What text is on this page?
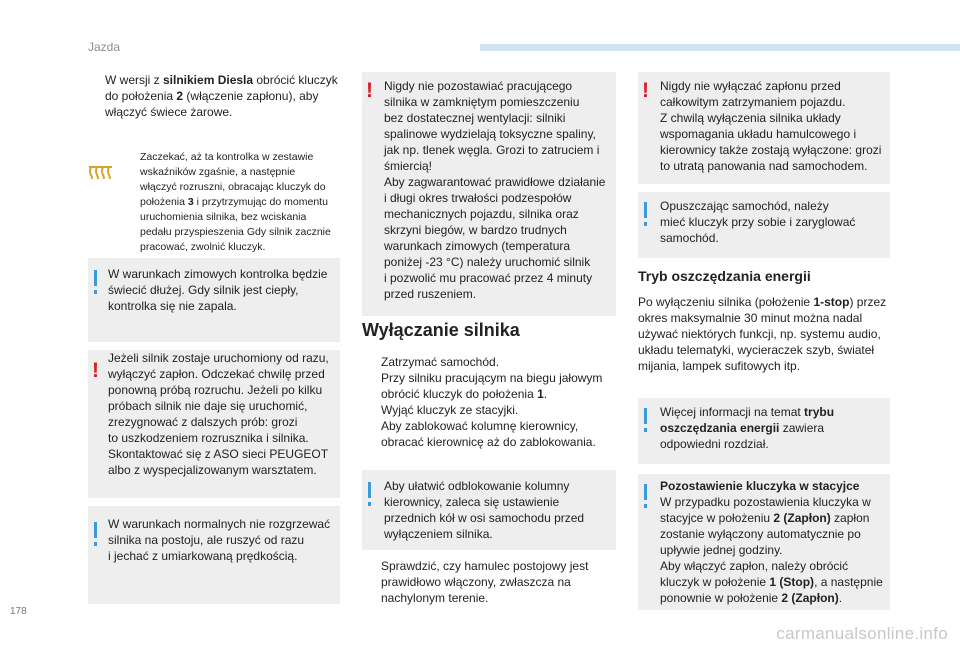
Jazda

W wersji z silnikiem Diesla obrócić kluczyk
do położenia 2 (włączenie zapłonu), aby
włączyć świece żarowe.

Zaczekać, aż ta kontrolka w zestawie
wskaźników zgaśnie, a następnie
włączyć rozruszni, obracając kluczyk do
położenia 3 i przytrzymując do momentu
uruchomienia silnika, bez wciskania
pedału przyspieszenia Gdy silnik zacznie
pracować, zwolnić kluczyk.

W warunkach zimowych kontrolka będzie
świecić dłużej. Gdy silnik jest ciepły,
kontrolka się nie zapala.

!

Jeżeli silnik zostaje uruchomiony od razu,
wyłączyć zapłon. Odczekać chwilę przed
ponowną próbą rozruchu. Jeżeli po kilku
próbach silnik nie daje się uruchomić,
zrezygnować z dalszych prób: grozi
to uszkodzeniem rozrusznika i silnika.
Skontaktować się z ASO sieci PEUGEOT
albo z wyspecjalizowanym warsztatem.

W warunkach normalnych nie rozgrzewać
silnika na postoju, ale ruszyć od razu
i jechać z umiarkowaną prędkością.

! Nigdy nie pozostawiać pracującego
silnika w zamkniętym pomieszczeniu
bez dostatecznej wentylacji: silniki
spalinowe wydzielają toksyczne spaliny,
jak np. tlenek węgla. Grozi to zatruciem i
śmiercią!
Aby zagwarantować prawidłowe działanie
i długi okres trwałości podzespołów
mechanicznych pojazdu, silnika oraz
skrzyni biegów, w bardzo trudnych
warunkach zimowych (temperatura
poniżej -23 °C) należy uruchomić silnik
i pozwolić mu pracować przez 4 minuty
przed ruszeniem.

Wyłączanie silnika

Zatrzymać samochód.

Przy silniku pracującym na biegu jałowym
obrócić kluczyk do położenia 1.

Wyjąć kluczyk ze stacyjki.

Aby zablokować kolumnę kierownicy,
obracać kierownicę aż do zablokowania.

Aby ułatwić odblokowanie kolumny
kierownicy, zaleca się ustawienie
przednich kół w osi samochodu przed
wyłączeniem silnika.

Sprawdzić, czy hamulec postojowy jest
prawidłowo włączony, zwłaszcza na
nachylonym terenie.

! Nigdy nie wyłączać zapłonu przed
całkowitym zatrzymaniem pojazdu.
Z chwilą wyłączenia silnika układy
wspomagania układu hamulcowego i
kierownicy także zostają wyłączone: grozi
to utratą panowania nad samochodem.

Opuszczając samochód, należy
mieć kluczyk przy sobie i zaryglować
samochód.

Tryb oszczędzania energii

Po wyłączeniu silnika (położenie 1-stop) przez
okres maksymalnie 30 minut można nadal
używać niektórych funkcji, np. systemu audio,
układu telematyki, wycieraczek szyb, świateł
mijania, lampek sufitowych itp.

Więcej informacji na temat trybu
oszczędzania energii zawiera
odpowiedni rozdział.

Pozostawienie kluczyka w stacyjce
W przypadku pozostawienia kluczyka w
stacyjce w położeniu 2 (Zapłon) zapłon
zostanie wyłączony automatycznie po
upływie jednej godziny.
Aby włączyć zapłon, należy obrócić
kluczyk w położenie 1 (Stop), a następnie
ponownie w położenie 2 (Zapłon).

178
carmanualsonline.info
